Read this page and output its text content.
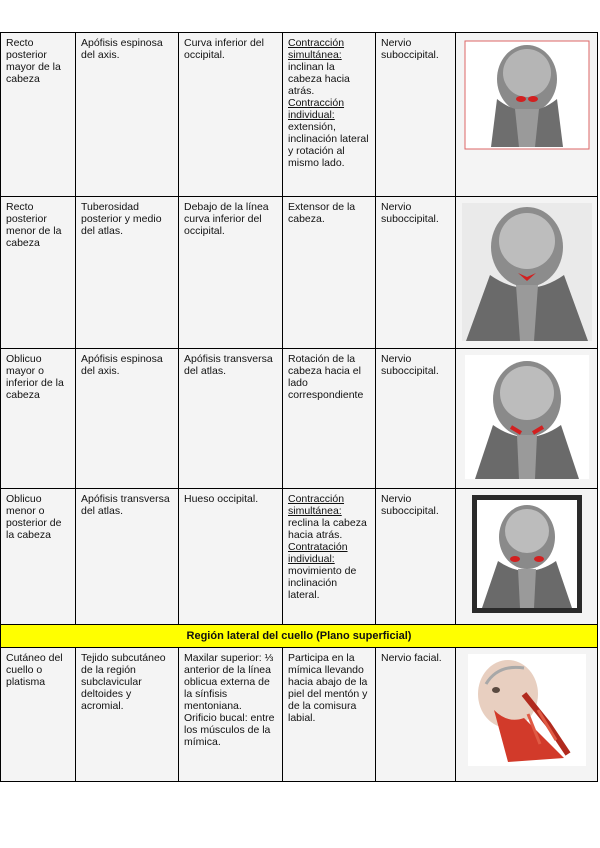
Recto posterior mayor de la cabeza	Apófisis espinosa del axis.	Curva inferior del occipital.	Contracción simultánea:
inclinan la cabeza hacia atrás.
Contracción individual:
extensión, inclinación lateral y rotación al mismo lado.	Nervio suboccipital.	

Recto posterior menor de la cabeza	Tuberosidad posterior y medio del atlas.	Debajo de la línea curva inferior del occipital.	Extensor de la cabeza.	Nervio suboccipital.	

Oblicuo mayor o inferior de la cabeza	Apófisis espinosa del axis.	Apófisis transversa del atlas.	Rotación de la cabeza hacia el lado correspondiente	Nervio suboccipital.	

Oblicuo menor o posterior de la cabeza	Apófisis transversa del atlas.	Hueso occipital.	Contracción simultánea:
reclina la cabeza hacia atrás.
Contratación individual:
movimiento de inclinación lateral.	Nervio suboccipital.	

Región lateral del cuello (Plano superficial)					
Cutáneo del cuello o platisma	Tejido subcutáneo de la región subclavicular deltoides y acromial.	Maxilar superior: ⅓ anterior de la línea oblicua externa de la sínfisis mentoniana. Orificio bucal: entre los músculos de la mímica.	Participa en la mímica llevando hacia abajo de la piel del mentón y de la comisura labial.	Nervio facial.	
